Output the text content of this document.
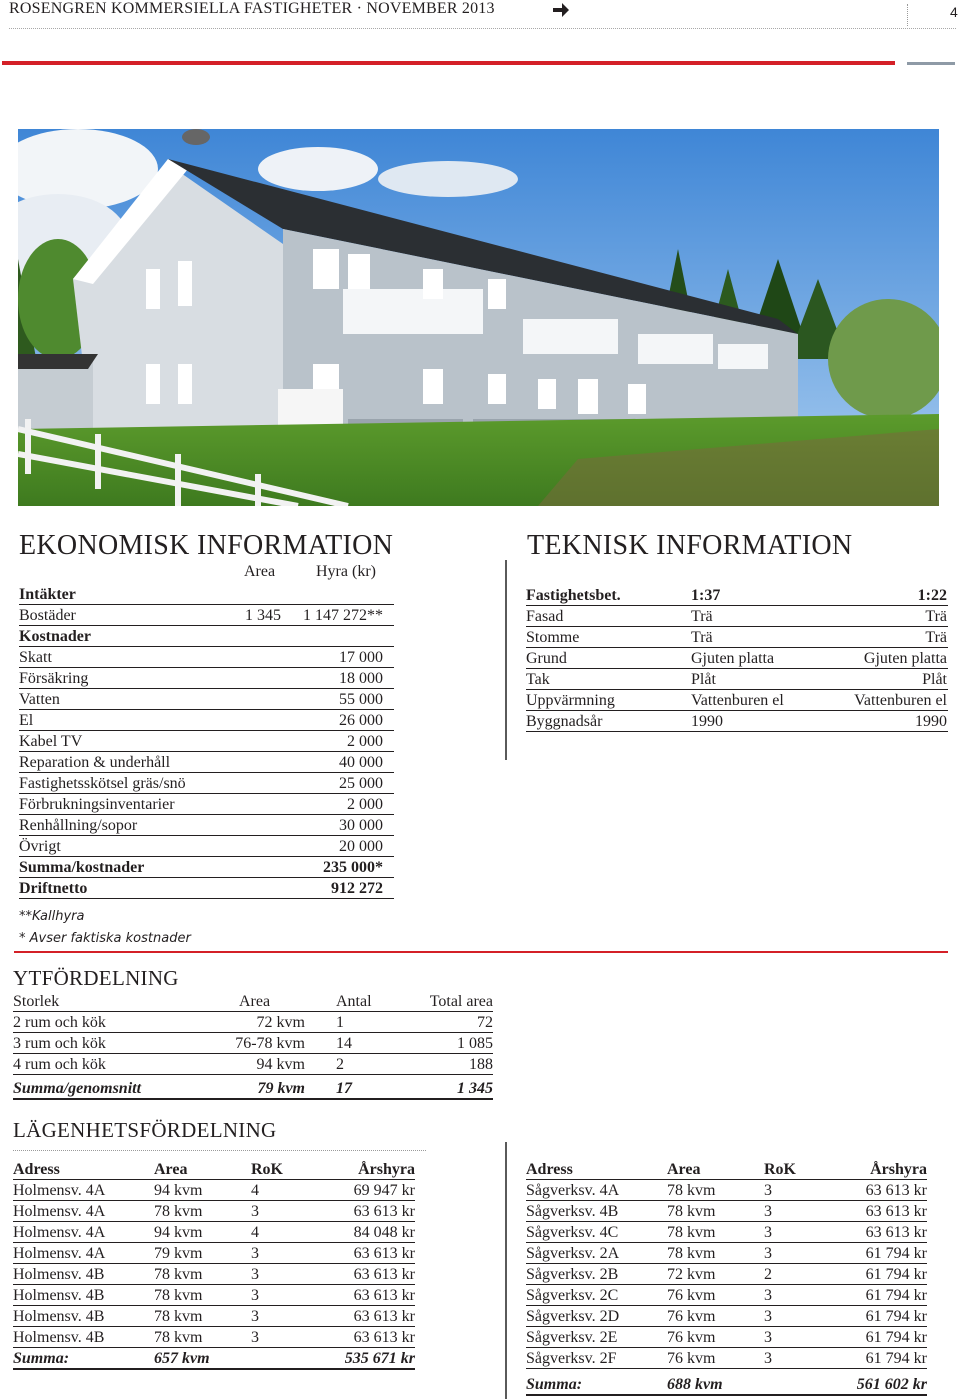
ROSENGREN KOMMERSIELLA FASTIGHETER · NOVEMBER 2013	4
EKONOMISK INFORMATION
Area	Hyra (kr)
Intäkter
Bostäder	1 345	1 147 272**
Kostnader
Skatt	17 000
Försäkring	18 000
Vatten	55 000
El	26 000
Kabel TV	2 000
Reparation & underhåll	40 000
Fastighetsskötsel gräs/snö	25 000
Förbrukningsinventarier	2 000
Renhållning/sopor	30 000
Övrigt	20 000
Summa/kostnader	235 000*
Driftnetto	912 272
**Kallhyra
* Avser faktiska kostnader
TEKNISK INFORMATION
Fastighetsbet.	1:37	1:22
Fasad	Trä	Trä
Stomme	Trä	Trä
Grund	Gjuten platta	Gjuten platta
Tak	Plåt	Plåt
Uppvärmning	Vattenburen el	Vattenburen el
Byggnadsår	1990	1990
YTFÖRDELNING
Storlek	Area	Antal	Total area
2 rum och kök	72 kvm 1	72
3 rum och kök	76-78 kvm 14	1 085
4 rum och kök	94 kvm 2	188
Summa/genomsnitt	79 kvm 17	1 345
LÄGENHETSFÖRDELNING
Adress	Area	RoK	Årshyra
Holmensv. 4A	94 kvm	4	69 947 kr
Holmensv. 4A	78 kvm	3	63 613 kr
Holmensv. 4A	94 kvm	4	84 048 kr
Holmensv. 4A	79 kvm	3	63 613 kr
Holmensv. 4B	78 kvm	3	63 613 kr
Holmensv. 4B	78 kvm	3	63 613 kr
Holmensv. 4B	78 kvm	3	63 613 kr
Holmensv. 4B	78 kvm	3	63 613 kr
Summa:	657 kvm	535 671 kr
Adress	Area	RoK	Årshyra
Sågverksv. 4A	78 kvm	3	63 613 kr
Sågverksv. 4B	78 kvm	3	63 613 kr
Sågverksv. 4C	78 kvm	3	63 613 kr
Sågverksv. 2A	78 kvm	3	61 794 kr
Sågverksv. 2B	72 kvm	2	61 794 kr
Sågverksv. 2C	76 kvm	3	61 794 kr
Sågverksv. 2D	76 kvm	3	61 794 kr
Sågverksv. 2E	76 kvm	3	61 794 kr
Sågverksv. 2F	76 kvm	3	61 794 kr
Summa:	688 kvm	561 602 kr
